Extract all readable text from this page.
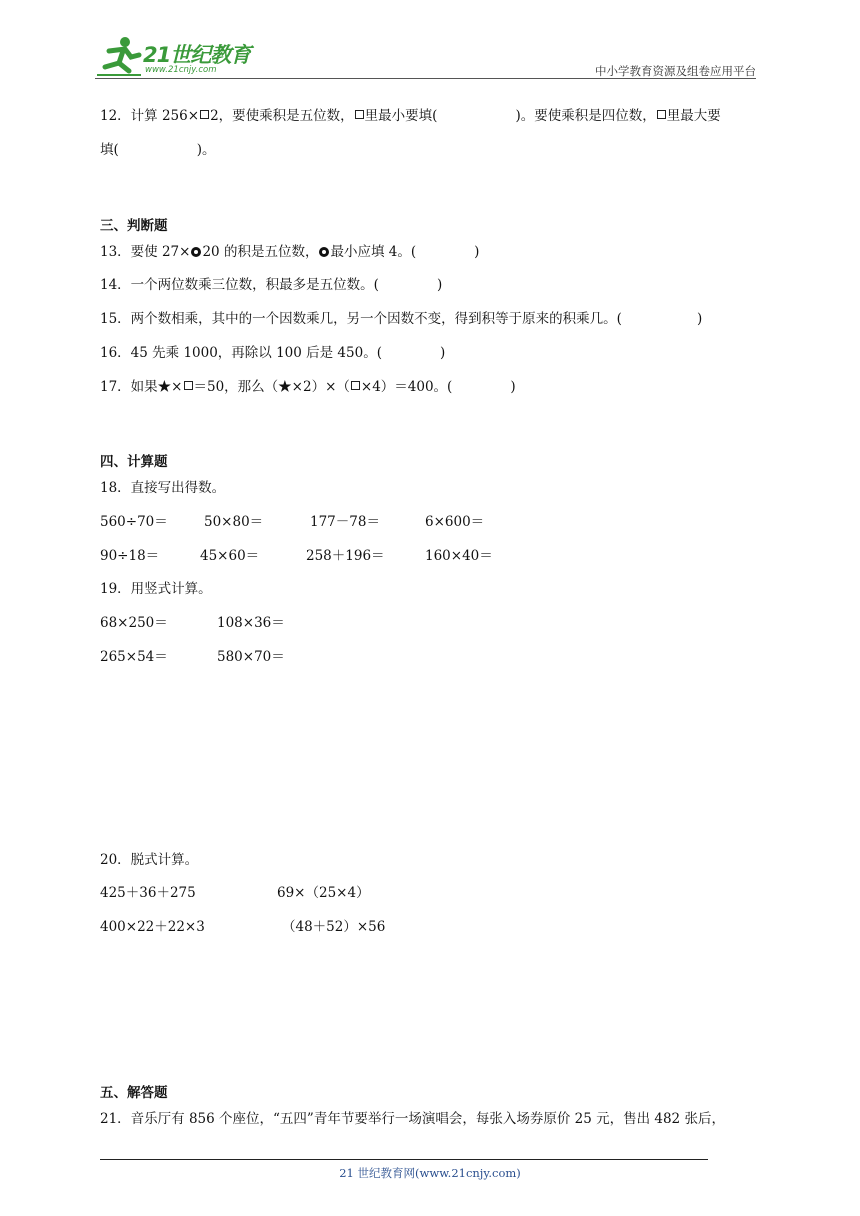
21世纪教育
www.21cnjy.com	中小学教育资源及组卷应用平台
12．计算 256× 2，要使乘积是五位数， 里最小要填(	)。要使乘积是四位数， 里最大要
填(	)。
三、判断题
13．要使 27× 20 的积是五位数， 最小应填 4。(	)
14．一个两位数乘三位数，积最多是五位数。(	)
15．两个数相乘，其中的一个因数乘几，另一个因数不变，得到积等于原来的积乘几。(	)
16．45 先乘 1000，再除以 100 后是 450。(	)
17．如果★× ＝50，那么（★×2）×（ ×4）＝400。(	)
四、计算题
18．直接写出得数。
560÷70＝	50×80＝	177－78＝	6×600＝
90÷18＝	45×60＝	258＋196＝	160×40＝
19．用竖式计算。
68×250＝	108×36＝
265×54＝	580×70＝
20．脱式计算。
425＋36＋275	69×（25×4）
400×22＋22×3	（48＋52）×56
五、解答题
21．音乐厅有 856 个座位，“五四”青年节要举行一场演唱会，每张入场券原价 25 元，售出 482 张后，
21 世纪教育网(www.21cnjy.com)
